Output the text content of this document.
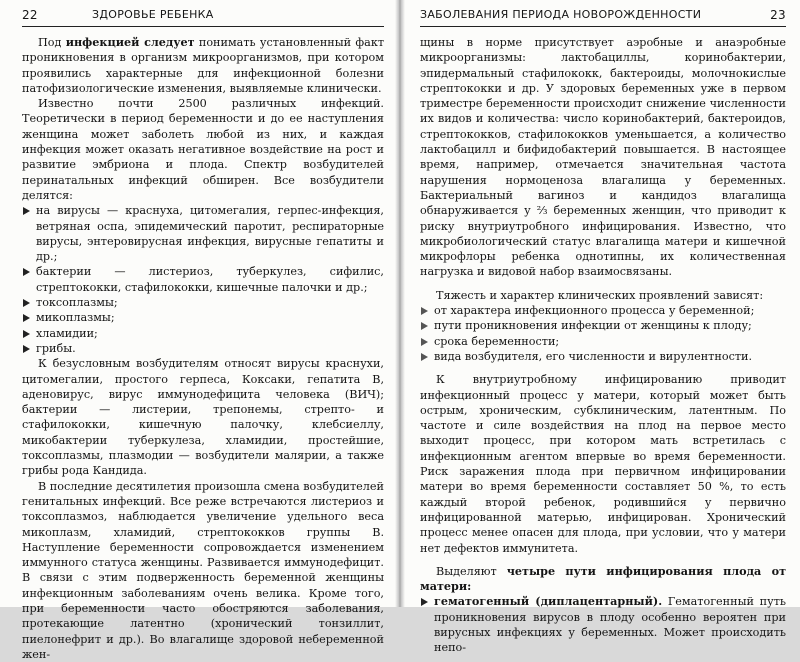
22	ЗДОРОВЬЕ РЕБЕНКА

Под инфекцией следует понимать установленный факт проникновения в организм микроорганизмов, при котором проявились характерные для инфекционной болезни патофизиологические изменения, выявляемые клинически.

Известно почти 2500 различных инфекций. Теоретически в период беременности и до ее наступления женщина может заболеть любой из них, и каждая инфекция может оказать негативное воздействие на рост и развитие эмбриона и плода. Спектр возбудителей перинатальных инфекций обширен. Все возбудители делятся:

на вирусы — краснуха, цитомегалия, герпес-инфекция, ветряная оспа, эпидемический паротит, респираторные вирусы, энтеровирусная инфекция, вирусные гепатиты и др.;
бактерии — листериоз, туберкулез, сифилис, стрептококки, стафилококки, кишечные палочки и др.;
токсоплазмы;
микоплазмы;
хламидии;
грибы.

К безусловным возбудителям относят вирусы краснухи, цитомегалии, простого герпеса, Коксаки, гепатита В, аденовирус, вирус иммунодефицита человека (ВИЧ); бактерии — листерии, трепонемы, стрепто- и стафилококки, кишечную палочку, клебсиеллу, микобактерии туберкулеза, хламидии, простейшие, токсоплазмы, плазмодии — возбудители малярии, а также грибы рода Кандида.

В последние десятилетия произошла смена возбудителей генитальных инфекций. Все реже встречаются листериоз и токсоплазмоз, наблюдается увеличение удельного веса микоплазм, хламидий, стрептококков группы В. Наступление беременности сопровождается изменением иммунного статуса женщины. Развивается иммунодефицит. В связи с этим подверженность беременной женщины инфекционным заболеваниям очень велика. Кроме того, при беременности часто обостряются заболевания, протекающие латентно (хронический тонзиллит, пиелонефрит и др.). Во влагалище здоровой небеременной жен-

ЗАБОЛЕВАНИЯ ПЕРИОДА НОВОРОЖДЕННОСТИ	23

щины в норме присутствует аэробные и анаэробные микроорганизмы: лактобациллы, коринобактерии, эпидермальный стафилококк, бактероиды, молочнокислые стрептококки и др. У здоровых беременных уже в первом триместре беременности происходит снижение численности их видов и количества: число коринобактерий, бактероидов, стрептококков, стафилококков уменьшается, а количество лактобацилл и бифидобактерий повышается. В настоящее время, например, отмечается значительная частота нарушения нормоценоза влагалища у беременных. Бактериальный вагиноз и кандидоз влагалища обнаруживается у ⅔ беременных женщин, что приводит к риску внутриутробного инфицирования. Известно, что микробиологический статус влагалища матери и кишечной микрофлоры ребенка однотипны, их количественная нагрузка и видовой набор взаимосвязаны.

Тяжесть и характер клинических проявлений зависят:

от характера инфекционного процесса у беременной;
пути проникновения инфекции от женщины к плоду;
срока беременности;
вида возбудителя, его численности и вирулентности.

К внутриутробному инфицированию приводит инфекционный процесс у матери, который может быть острым, хроническим, субклиническим, латентным. По частоте и силе воздействия на плод на первое место выходит процесс, при котором мать встретилась с инфекционным агентом впервые во время беременности. Риск заражения плода при первичном инфицировании матери во время беременности составляет 50 %, то есть каждый второй ребенок, родившийся у первично инфицированной матерью, инфицирован. Хронический процесс менее опасен для плода, при условии, что у матери нет дефектов иммунитета.

Выделяют четыре пути инфицирования плода от матери:

гематогенный (диплацентарный). Гематогенный путь проникновения вирусов в плоду особенно вероятен при вирусных инфекциях у беременных. Может происходить непо-
